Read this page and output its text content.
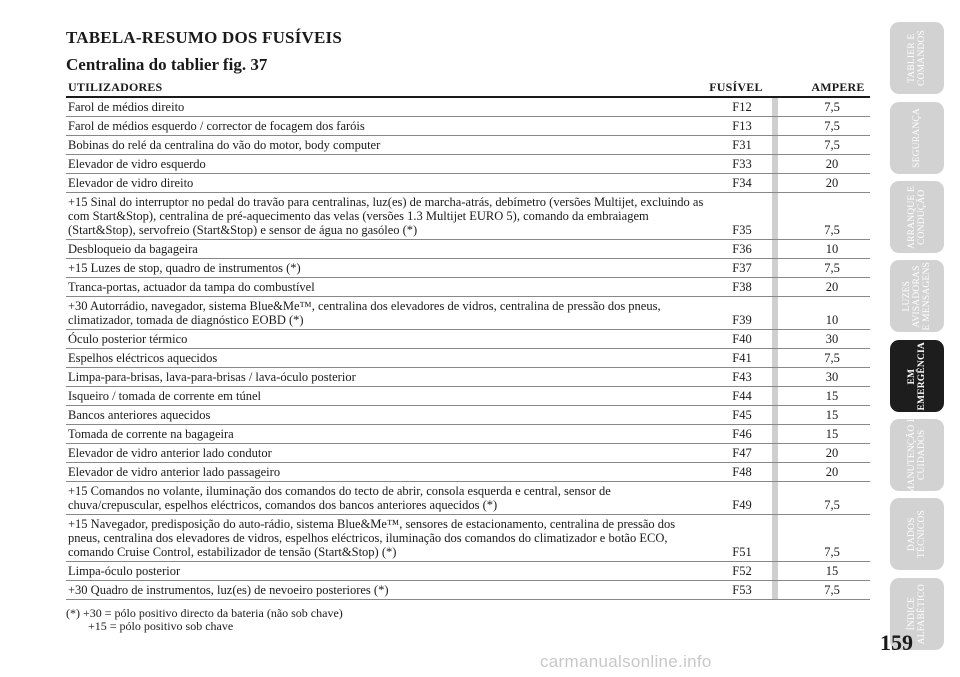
TABELA-RESUMO DOS FUSÍVEIS
Centralina do tablier fig. 37
UTILIZADORES	FUSÍVEL	AMPERE
Farol de médios direito	F12	7,5
Farol de médios esquerdo / corrector de focagem dos faróis	F13	7,5
Bobinas do relé da centralina do vão do motor, body computer	F31	7,5
Elevador de vidro esquerdo	F33	20
Elevador de vidro direito	F34	20
+15 Sinal do interruptor no pedal do travão para centralinas, luz(es) de marcha-atrás, debímetro (versões Multijet, excluindo as com Start&Stop), centralina de pré-aquecimento das velas (versões 1.3 Multijet EURO 5), comando da embraiagem (Start&Stop), servofreio (Start&Stop) e sensor de água no gasóleo (*)	F35	7,5
Desbloqueio da bagageira	F36	10
+15 Luzes de stop, quadro de instrumentos (*)	F37	7,5
Tranca-portas, actuador da tampa do combustível	F38	20
+30 Autorrádio, navegador, sistema Blue&Me™, centralina dos elevadores de vidros, centralina de pressão dos pneus, climatizador, tomada de diagnóstico EOBD (*)	F39	10
Óculo posterior térmico	F40	30
Espelhos eléctricos aquecidos	F41	7,5
Limpa-para-brisas, lava-para-brisas / lava-óculo posterior	F43	30
Isqueiro / tomada de corrente em túnel	F44	15
Bancos anteriores aquecidos	F45	15
Tomada de corrente na bagageira	F46	15
Elevador de vidro anterior lado condutor	F47	20
Elevador de vidro anterior lado passageiro	F48	20
+15 Comandos no volante, iluminação dos comandos do tecto de abrir, consola esquerda e central, sensor de chuva/crepuscular, espelhos eléctricos, comandos dos bancos anteriores aquecidos (*)	F49	7,5
+15 Navegador, predisposição do auto-rádio, sistema Blue&Me™, sensores de estacionamento, centralina de pressão dos pneus, centralina dos elevadores de vidros, espelhos eléctricos, iluminação dos comandos do climatizador e botão ECO, comando Cruise Control, estabilizador de tensão (Start&Stop) (*)	F51	7,5
Limpa-óculo posterior	F52	15
+30 Quadro de instrumentos, luz(es) de nevoeiro posteriores (*)	F53	7,5
(*) +30 = pólo positivo directo da bateria (não sob chave)
+15 = pólo positivo sob chave
TABLIER E
COMANDOS
SEGURANÇA
ARRANQUE E
CONDUÇÃO
LUZES
AVISADORAS
E MENSAGENS
EM
EMERGÊNCIA
MANUTENÇÃO E
CUIDADOS
DADOS
TÉCNICOS
ÍNDICE
ALFABÉTICO
159
carmanualsonline.info
